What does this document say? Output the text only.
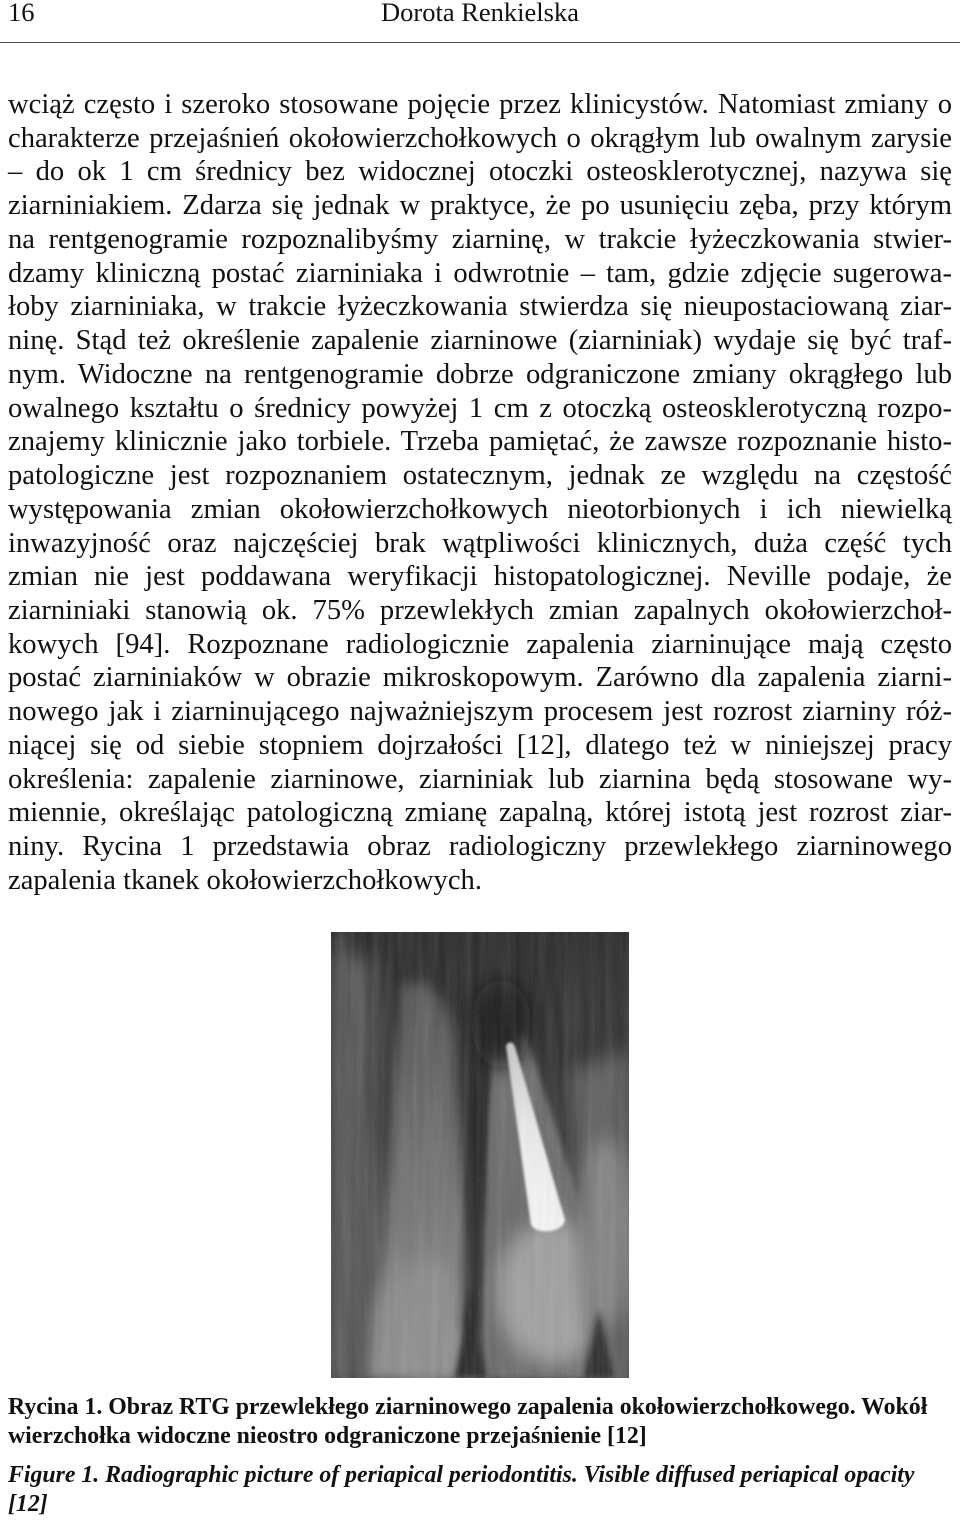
16	Dorota Renkielska
wciąż często i szeroko stosowane pojęcie przez klinicystów. Natomiast zmiany o
charakterze przejaśnień okołowierzchołkowych o okrągłym lub owalnym zarysie
– do ok 1 cm średnicy bez widocznej otoczki osteosklerotycznej, nazywa się
ziarniniakiem. Zdarza się jednak w praktyce, że po usunięciu zęba, przy którym
na rentgenogramie rozpoznalibyśmy ziarninę, w trakcie łyżeczkowania stwier-
dzamy kliniczną postać ziarniniaka i odwrotnie – tam, gdzie zdjęcie sugerowa-
łoby ziarniniaka, w trakcie łyżeczkowania stwierdza się nieupostaciowaną ziar-
ninę. Stąd też określenie zapalenie ziarninowe (ziarniniak) wydaje się być traf-
nym. Widoczne na rentgenogramie dobrze odgraniczone zmiany okrągłego lub
owalnego kształtu o średnicy powyżej 1 cm z otoczką osteosklerotyczną rozpo-
znajemy klinicznie jako torbiele. Trzeba pamiętać, że zawsze rozpoznanie histo-
patologiczne jest rozpoznaniem ostatecznym, jednak ze względu na częstość
występowania zmian okołowierzchołkowych nieotorbionych i ich niewielką
inwazyjność oraz najczęściej brak wątpliwości klinicznych, duża część tych
zmian nie jest poddawana weryfikacji histopatologicznej. Neville podaje, że
ziarniniaki stanowią ok. 75% przewlekłych zmian zapalnych okołowierzchoł-
kowych [94]. Rozpoznane radiologicznie zapalenia ziarninujące mają często
postać ziarniniaków w obrazie mikroskopowym. Zarówno dla zapalenia ziarni-
nowego jak i ziarninującego najważniejszym procesem jest rozrost ziarniny róż-
niącej się od siebie stopniem dojrzałości [12], dlatego też w niniejszej pracy
określenia: zapalenie ziarninowe, ziarniniak lub ziarnina będą stosowane wy-
miennie, określając patologiczną zmianę zapalną, której istotą jest rozrost ziar-
niny. Rycina 1 przedstawia obraz radiologiczny przewlekłego ziarninowego
zapalenia tkanek okołowierzchołkowych.
Rycina 1. Obraz RTG przewlekłego ziarninowego zapalenia okołowierzchołkowego. Wokół
wierzchołka widoczne nieostro odgraniczone przejaśnienie [12]
Figure 1. Radiographic picture of periapical periodontitis. Visible diffused periapical opacity
[12]
